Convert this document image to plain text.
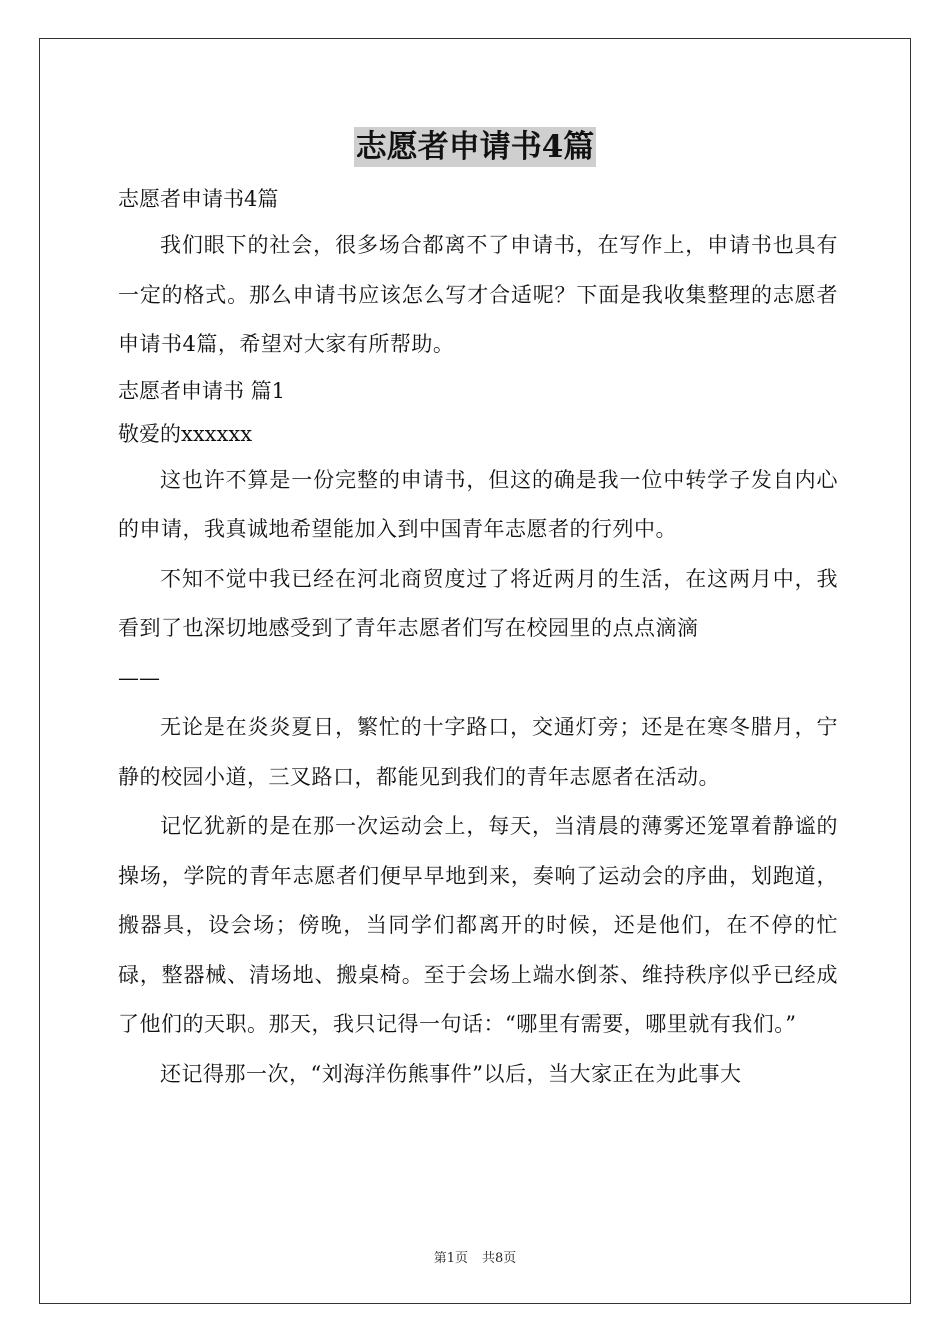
志愿者申请书4篇

志愿者申请书4篇

我们眼下的社会，很多场合都离不了申请书，在写作上，申请书也具有一定的格式。那么申请书应该怎么写才合适呢？下面是我收集整理的志愿者申请书4篇，希望对大家有所帮助。

志愿者申请书 篇1

敬爱的xxxxxx

这也许不算是一份完整的申请书，但这的确是我一位中转学子发自内心的申请，我真诚地希望能加入到中国青年志愿者的行列中。

不知不觉中我已经在河北商贸度过了将近两月的生活，在这两月中，我看到了也深切地感受到了青年志愿者们写在校园里的点点滴滴

——

无论是在炎炎夏日，繁忙的十字路口，交通灯旁；还是在寒冬腊月，宁静的校园小道，三叉路口，都能见到我们的青年志愿者在活动。

记忆犹新的是在那一次运动会上，每天，当清晨的薄雾还笼罩着静谧的操场，学院的青年志愿者们便早早地到来，奏响了运动会的序曲，划跑道，搬器具，设会场；傍晚，当同学们都离开的时候，还是他们，在不停的忙碌，整器械、清场地、搬桌椅。至于会场上端水倒茶、维持秩序似乎已经成了他们的天职。那天，我只记得一句话：“哪里有需要，哪里就有我们。”

还记得那一次，“刘海洋伤熊事件”以后，当大家正在为此事大

第1页 共8页
